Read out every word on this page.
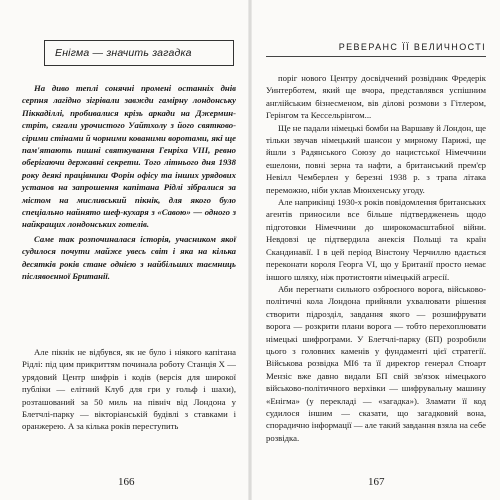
Енігма — значить загадка

На диво теплі сонячні промені останніх днів серпня лагідно зігрівали завжди гамірну лондонську Піккаділлі, пробивалися крізь аркади на Джермин-стріт, сягали урочистого Уайтхолу з його святково-сірими стінами й чорними кованими воротами, які ще пам'ятають пишні святкування Генріха VIII, ревно оберігаючи державні секрети. Того літнього дня 1938 року деякі працівники Форін офісу та інших урядових установ на запрошення капітана Рідлі зібралися за містом на мисливський пікнік, для якого було спеціально найнято шеф-кухаря з «Савою» — одного з найкращих лондонських готелів.

Саме так розпочиналася історія, учасником якої судилося почути майже увесь світ і яка на кілька десятків років стане однією з найбільших таємниць післявоєнної Британії.

Але пікнік не відбувся, як не було і ніякого капітана Рідлі: під цим прикриттям починала роботу Станція Х — урядовий Центр шифрів і кодів (версія для широкої публіки — елітний Клуб для гри у гольф і шахи), розташований за 50 миль на північ від Лондона у Блетчлі-парку — вікторіанській будівлі з ставками і оранжерею. А за кілька років переступить

166
РЕВЕРАНС ЇЇ ВЕЛИЧНОСТІ

поріг нового Центру досвідчений розвідник Фредерік Уинтерботем, який ще вчора, представлявся успішним англійським бізнесменом, вів ділові розмови з Гітлером, Герінгом та Кессельрінгом...

Ще не падали німецькі бомби на Варшаву й Лондон, ще тільки звучав німецький шансон у мирному Парижі, ще йшли з Радянського Союзу до нацистської Німеччини ешелони, повні зерна та нафти, а британський прем'єр Невілл Чемберлен у березні 1938 р. з трапа літака переможно, ніби уклав Мюнхенську угоду.

Але наприкінці 1930-х років повідомлення британських агентів приносили все більше підтвердженень щодо підготовки Німеччини до широкомасштабної війни. Невдовзі це підтвердила анексія Польщі та країн Скандинавії. І в цей період Вінстону Черчиллю вдається переконати короля Георга VI, що у Британії просто немає іншого шляху, ніж протистояти німецькій агресії.

Аби перегнати сильного озброєного ворога, військово-політичні кола Лондона прийняли ухвалювати рішення створити підрозділ, завдання якого — розшифрувати ворога — розкрити плани ворога — тобто перехоплювати німецькі шифрограми. У Блетчлі-парку (БП) розробили цього з головних каменів у фундаменті цієї стратегії. Військова розвідка МІ6 та її директор генерал Стюарт Мензіс вже давно видали БП свій зв'язок німецького військово-політичного верхівки — шифрувальну машину «Енігма» (у перекладі — «загадка»). Зламати її код судилося іншим — сказати, що загадковий вона, спорадично інформації — але такий завдання взяла на себе розвідка.

167
